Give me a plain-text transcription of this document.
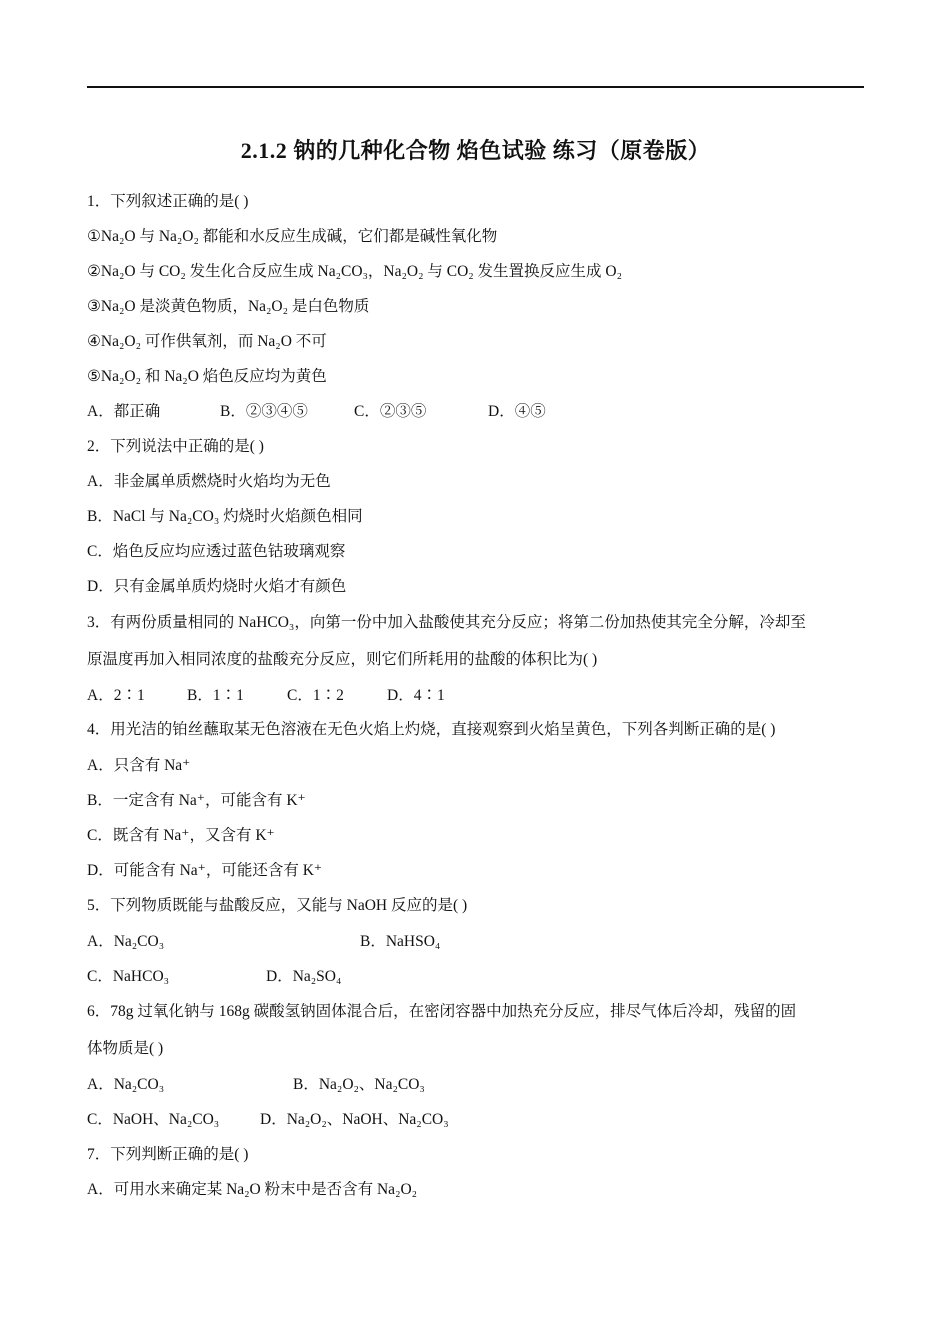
2.1.2 钠的几种化合物 焰色试验 练习（原卷版）
1．下列叙述正确的是( )
①Na₂O 与 Na₂O₂ 都能和水反应生成碱，它们都是碱性氧化物
②Na₂O 与 CO₂ 发生化合反应生成 Na₂CO₃，Na₂O₂ 与 CO₂ 发生置换反应生成 O₂
③Na₂O 是淡黄色物质，Na₂O₂ 是白色物质
④Na₂O₂ 可作供氧剂，而 Na₂O 不可
⑤Na₂O₂ 和 Na₂O 焰色反应均为黄色
A．都正确	B．②③④⑤	C．②③⑤	D．④⑤
2．下列说法中正确的是( )
A．非金属单质燃烧时火焰均为无色
B．NaCl 与 Na₂CO₃ 灼烧时火焰颜色相同
C．焰色反应均应透过蓝色钴玻璃观察
D．只有金属单质灼烧时火焰才有颜色
3．有两份质量相同的 NaHCO₃，向第一份中加入盐酸使其充分反应；将第二份加热使其完全分解，冷却至
原温度再加入相同浓度的盐酸充分反应，则它们所耗用的盐酸的体积比为( )
A．2∶1	B．1∶1	C．1∶2	D．4∶1
4．用光洁的铂丝蘸取某无色溶液在无色火焰上灼烧，直接观察到火焰呈黄色，下列各判断正确的是( )
A．只含有 Na⁺
B．一定含有 Na⁺，可能含有 K⁺
C．既含有 Na⁺，又含有 K⁺
D．可能含有 Na⁺，可能还含有 K⁺
5．下列物质既能与盐酸反应，又能与 NaOH 反应的是( )
A．Na₂CO₃	B．NaHSO₄
C．NaHCO₃	D．Na₂SO₄
6．78g 过氧化钠与 168g 碳酸氢钠固体混合后，在密闭容器中加热充分反应，排尽气体后冷却，残留的固
体物质是( )
A．Na₂CO₃	B．Na₂O₂、Na₂CO₃
C．NaOH、Na₂CO₃	D．Na₂O₂、NaOH、Na₂CO₃
7．下列判断正确的是( )
A．可用水来确定某 Na₂O 粉末中是否含有 Na₂O₂
